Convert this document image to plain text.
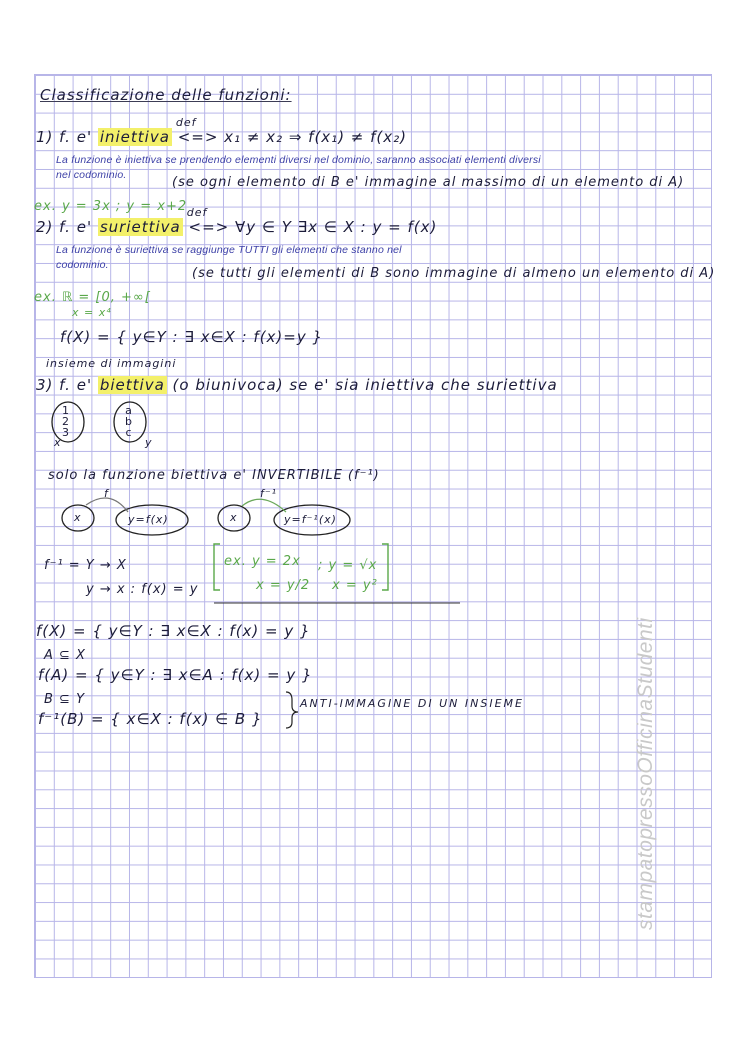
Classificazione delle funzioni:
1) f. e' iniettiva
def
<=> x₁ ≠ x₂ ⇒ f(x₁) ≠ f(x₂)
La funzione è iniettiva se prendendo elementi diversi nel dominio, saranno associati elementi diversi
nel codominio.	(se ogni elemento di B e' immagine al massimo di un elemento di A)
ex. y = 3x ; y = x+2
2) f. e' suriettiva
def
<=> ∀y ∈ Y ∃x ∈ X : y = f(x)
La funzione è suriettiva se raggiunge TUTTI gli elementi che stanno nel
codominio.
(se tutti gli elementi di B sono immagine di almeno un elemento di A)
ex. ℝ = [0, +∞[
x = x⁴
f(X) = { y∈Y : ∃ x∈X : f(x)=y }
insieme di immagini
3) f. e' biettiva (o biunivoca) se e' sia iniettiva che suriettiva
1
2
3
a
b
c
x	y
solo la funzione biettiva e' INVERTIBILE (f⁻¹)
f	f⁻¹
x	y=f(x)	x	y=f⁻¹(x)
f⁻¹ = Y → X
y → x : f(x) = y
ex. y = 2x
x = y/2
; y = √x
x = y²
f(X) = { y∈Y : ∃ x∈X : f(x) = y }
A ⊆ X
f(A) = { y∈Y : ∃ x∈A : f(x) = y }
B ⊆ Y
f⁻¹(B) = { x∈X : f(x) ∈ B }
ANTI-IMMAGINE DI UN INSIEME	stampatopressoOfficinaStudenti
